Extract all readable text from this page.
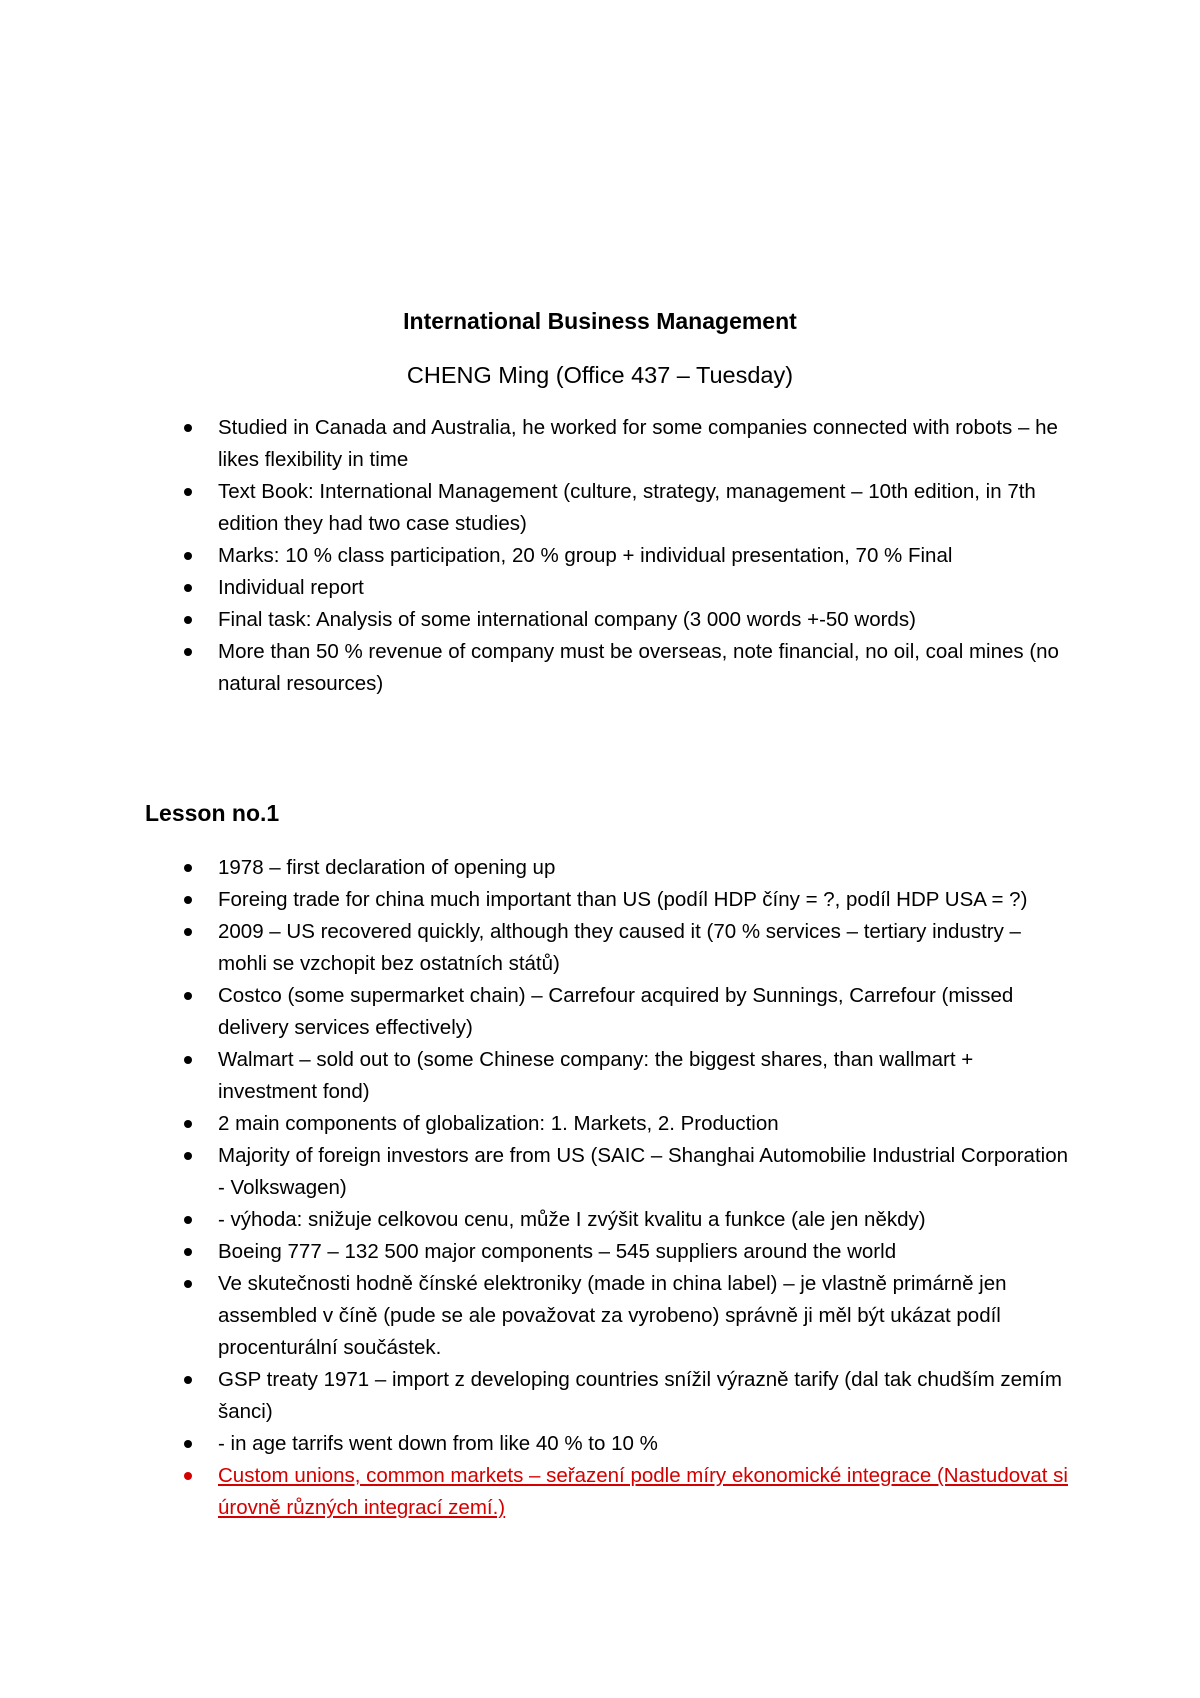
International Business Management

CHENG Ming (Office 437 – Tuesday)

Studied in Canada and Australia, he worked for some companies connected with robots – he likes flexibility in time
Text Book: International Management (culture, strategy, management – 10th edition, in 7th edition they had two case studies)
Marks: 10 % class participation, 20 % group + individual presentation, 70 % Final
Individual report
Final task: Analysis of some international company (3 000 words +-50 words)
More than 50 % revenue of company must be overseas, note financial, no oil, coal mines (no natural resources)
Lesson no.1
1978 – first declaration of opening up
Foreing trade for china much important than US (podíl HDP číny = ?, podíl HDP USA = ?)
2009 – US recovered quickly, although they caused it (70 % services – tertiary industry – mohli se vzchopit bez ostatních států)
Costco (some supermarket chain) – Carrefour acquired by Sunnings, Carrefour (missed delivery services effectively)
Walmart – sold out to (some Chinese company: the biggest shares, than wallmart + investment fond)
2 main components of globalization: 1. Markets, 2. Production
Majority of foreign investors are from US (SAIC – Shanghai Automobilie Industrial Corporation - Volkswagen)
- výhoda: snižuje celkovou cenu, může I zvýšit kvalitu a funkce (ale jen někdy)
Boeing 777 – 132 500 major components – 545 suppliers around the world
Ve skutečnosti hodně čínské elektroniky (made in china label) – je vlastně primárně jen assembled v číně (pude se ale považovat za vyrobeno) správně ji měl být ukázat podíl procenturální součástek.
GSP treaty 1971 – import z developing countries snížil výrazně tarify (dal tak chudším zemím šanci)
- in age tarrifs went down from like 40 % to 10 %
Custom unions, common markets – seřazení podle míry ekonomické integrace (Nastudovat si úrovně různých integrací zemí.)
